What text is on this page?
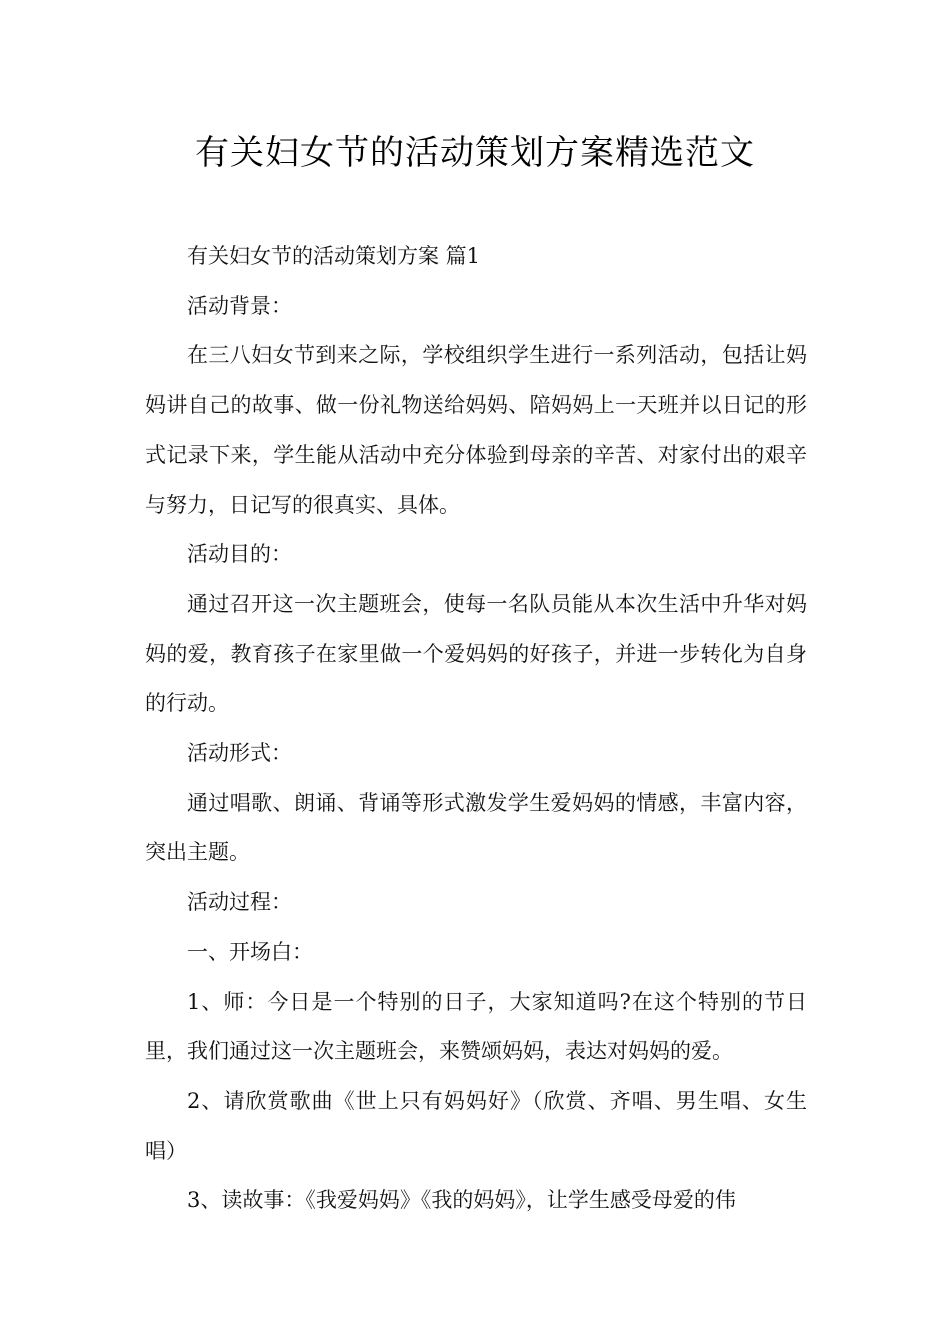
有关妇女节的活动策划方案精选范文

有关妇女节的活动策划方案 篇1

活动背景：

在三八妇女节到来之际，学校组织学生进行一系列活动，包括让妈妈讲自己的故事、做一份礼物送给妈妈、陪妈妈上一天班并以日记的形式记录下来，学生能从活动中充分体验到母亲的辛苦、对家付出的艰辛与努力，日记写的很真实、具体。

活动目的：

通过召开这一次主题班会，使每一名队员能从本次生活中升华对妈妈的爱，教育孩子在家里做一个爱妈妈的好孩子，并进一步转化为自身的行动。

活动形式：

通过唱歌、朗诵、背诵等形式激发学生爱妈妈的情感，丰富内容，突出主题。

活动过程：

一、开场白：

1、师：今日是一个特别的日子，大家知道吗?在这个特别的节日里，我们通过这一次主题班会，来赞颂妈妈，表达对妈妈的爱。

2、请欣赏歌曲《世上只有妈妈好》（欣赏、齐唱、男生唱、女生唱）

3、读故事：《我爱妈妈》《我的妈妈》，让学生感受母爱的伟
